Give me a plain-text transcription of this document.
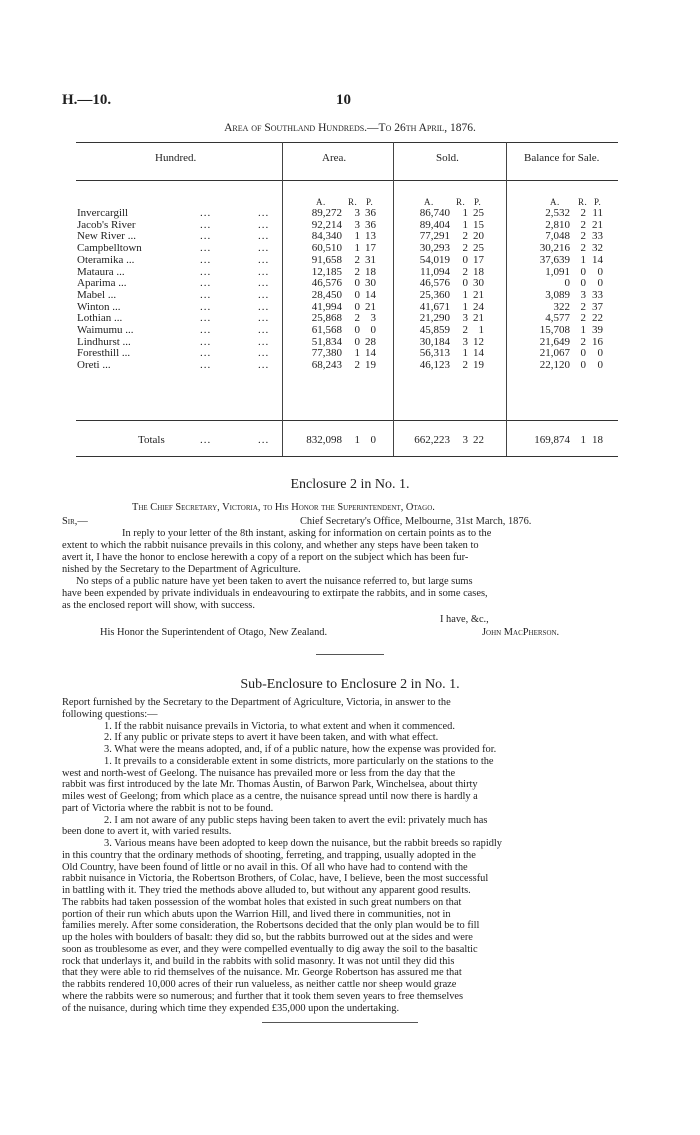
H.—10.	10
Area of Southland Hundreds.—To 26th April, 1876.
Hundred.	Area.	Sold.	Balance for Sale.
A. R. P.	A. R. P.	A. R. P.
Invercargill	...	...	89,272	3 36	86,740	1 25	2,532 2 11
Jacob's River	...	...	92,214	3 36	89,404	1 15	2,810 2 21
New River ...	...	...	84,340	1 13	77,291	2 20	7,048 2 33
Campbelltown	...	...	60,510	1 17	30,293	2 25	30,216 2 32
Oteramika ...	...	...	91,658	2 31	54,019	0 17	37,639 1 14
Mataura ...	...	...	12,185	2 18	11,094	2 18	1,091 0	0
Aparima ...	...	...	46,576	0 30	46,576	0 30	0 0	0
Mabel ...	...	...	28,450	0 14	25,360	1 21	3,089 3 33
Winton ...	...	...	41,994	0 21	41,671	1 24	322 2 37
Lothian ...	...	...	25,868	2 3	21,290	3 21	4,577 2 22
Waimumu ...	...	...	61,568	0 0	45,859	2 1	15,708 1 39
Lindhurst ...	...	...	51,834	0 28	30,184	3 12	21,649 2 16
Foresthill ...	...	...	77,380	1 14	56,313	1 14	21,067 0	0
Oreti ...	...	...	68,243	2 19	46,123	2 19	22,120 0	0
Totals	...	...	832,098	1 0	662,223	3 22	169,874 1 18
Enclosure 2 in No. 1.
The Chief Secretary, Victoria, to His Honor the Superintendent, Otago.
Sir,—	Chief Secretary's Office, Melbourne, 31st March, 1876.
In reply to your letter of the 8th instant, asking for information on certain points as to the
extent to which the rabbit nuisance prevails in this colony, and whether any steps have been taken to
avert it, I have the honor to enclose herewith a copy of a report on the subject which has been fur-
nished by the Secretary to the Department of Agriculture.
No steps of a public nature have yet been taken to avert the nuisance referred to, but large sums
have been expended by private individuals in endeavouring to extirpate the rabbits, and in some cases,
as the enclosed report will show, with success.
I have, &c.,
His Honor the Superintendent of Otago, New Zealand.	John MacPherson.
Sub-Enclosure to Enclosure 2 in No. 1.
Report furnished by the Secretary to the Department of Agriculture, Victoria, in answer to the
following questions:—
1. If the rabbit nuisance prevails in Victoria, to what extent and when it commenced.
2. If any public or private steps to avert it have been taken, and with what effect.
3. What were the means adopted, and, if of a public nature, how the expense was provided for.
1. It prevails to a considerable extent in some districts, more particularly on the stations to the
west and north-west of Geelong. The nuisance has prevailed more or less from the day that the
rabbit was first introduced by the late Mr. Thomas Austin, of Barwon Park, Winchelsea, about thirty
miles west of Geelong; from which place as a centre, the nuisance spread until now there is hardly a
part of Victoria where the rabbit is not to be found.
2. I am not aware of any public steps having been taken to avert the evil: privately much has
been done to avert it, with varied results.
3. Various means have been adopted to keep down the nuisance, but the rabbit breeds so rapidly
in this country that the ordinary methods of shooting, ferreting, and trapping, usually adopted in the
Old Country, have been found of little or no avail in this. Of all who have had to contend with the
rabbit nuisance in Victoria, the Robertson Brothers, of Colac, have, I believe, been the most successful
in battling with it. They tried the methods above alluded to, but without any apparent good results.
The rabbits had taken possession of the wombat holes that existed in such great numbers on that
portion of their run which abuts upon the Warrion Hill, and lived there in communities, not in
families merely. After some consideration, the Robertsons decided that the only plan would be to fill
up the holes with boulders of basalt: they did so, but the rabbits burrowed out at the sides and were
soon as troublesome as ever, and they were compelled eventually to dig away the soil to the basaltic
rock that underlays it, and build in the rabbits with solid masonry. It was not until they did this
that they were able to rid themselves of the nuisance. Mr. George Robertson has assured me that
the rabbits rendered 10,000 acres of their run valueless, as neither cattle nor sheep would graze
where the rabbits were so numerous; and further that it took them seven years to free themselves
of the nuisance, during which time they expended £35,000 upon the undertaking.
